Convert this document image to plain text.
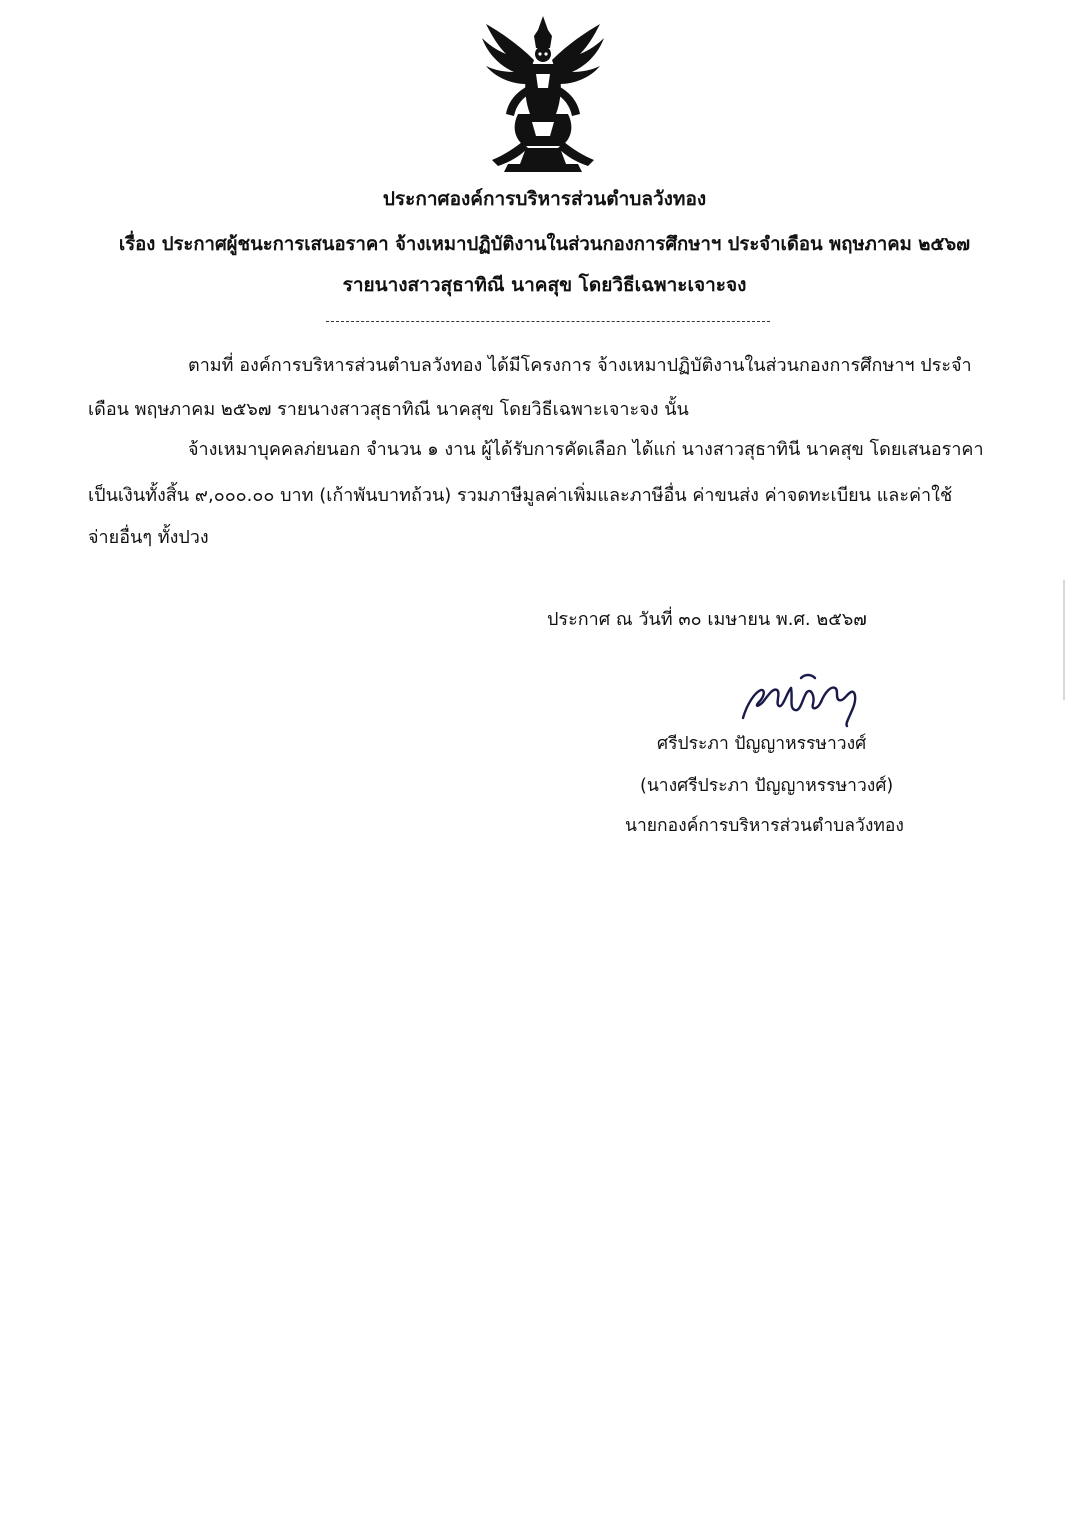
ประกาศองค์การบริหารส่วนตำบลวังทอง
เรื่อง ประกาศผู้ชนะการเสนอราคา จ้างเหมาปฏิบัติงานในส่วนกองการศึกษาฯ ประจำเดือน พฤษภาคม ๒๕๖๗
รายนางสาวสุธาทิณี นาคสุข โดยวิธีเฉพาะเจาะจง
ตามที่ องค์การบริหารส่วนตำบลวังทอง ได้มีโครงการ จ้างเหมาปฏิบัติงานในส่วนกองการศึกษาฯ ประจำ
เดือน พฤษภาคม ๒๕๖๗ รายนางสาวสุธาทิณี นาคสุข โดยวิธีเฉพาะเจาะจง นั้น
จ้างเหมาบุคคลภ่ยนอก จำนวน ๑ งาน ผู้ได้รับการคัดเลือก ได้แก่ นางสาวสุธาทินี นาคสุข โดยเสนอราคา
เป็นเงินทั้งสิ้น ๙,๐๐๐.๐๐ บาท (เก้าพันบาทถ้วน) รวมภาษีมูลค่าเพิ่มและภาษีอื่น ค่าขนส่ง ค่าจดทะเบียน และค่าใช้
จ่ายอื่นๆ ทั้งปวง
ประกาศ ณ วันที่ ๓๐ เมษายน พ.ศ. ๒๕๖๗
ศรีประภา ปัญญาหรรษาวงศ์
(นางศรีประภา ปัญญาหรรษาวงศ์)
นายกองค์การบริหารส่วนตำบลวังทอง
